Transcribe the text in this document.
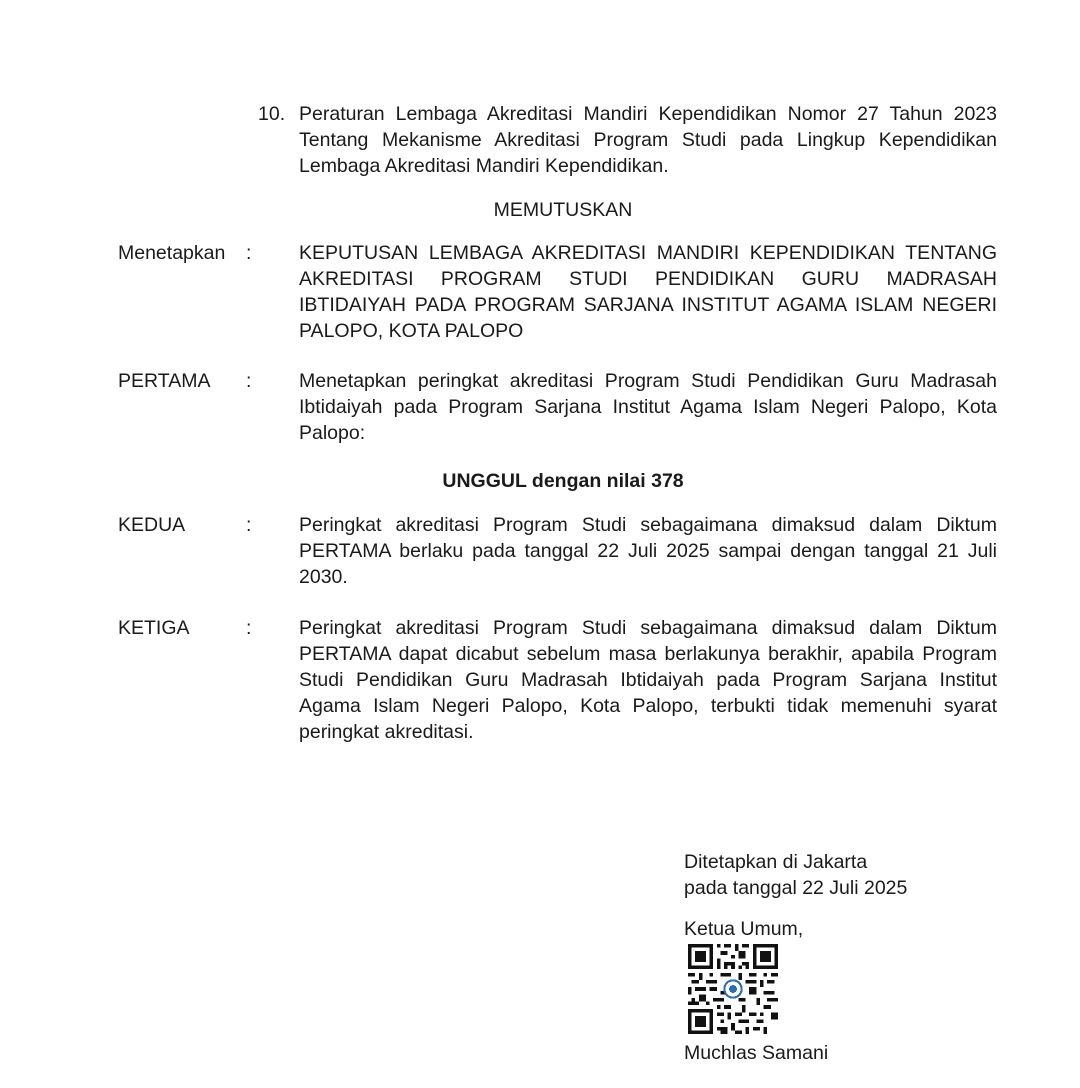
10. Peraturan Lembaga Akreditasi Mandiri Kependidikan Nomor 27 Tahun 2023 Tentang Mekanisme Akreditasi Program Studi pada Lingkup Kependidikan Lembaga Akreditasi Mandiri Kependidikan.
MEMUTUSKAN
Menetapkan : KEPUTUSAN LEMBAGA AKREDITASI MANDIRI KEPENDIDIKAN TENTANG AKREDITASI PROGRAM STUDI PENDIDIKAN GURU MADRASAH IBTIDAIYAH PADA PROGRAM SARJANA INSTITUT AGAMA ISLAM NEGERI PALOPO, KOTA PALOPO
PERTAMA : Menetapkan peringkat akreditasi Program Studi Pendidikan Guru Madrasah Ibtidaiyah pada Program Sarjana Institut Agama Islam Negeri Palopo, Kota Palopo:
UNGGUL dengan nilai 378
KEDUA	: Peringkat akreditasi Program Studi sebagaimana dimaksud dalam Diktum PERTAMA berlaku pada tanggal 22 Juli 2025 sampai dengan tanggal 21 Juli 2030.
KETIGA	: Peringkat akreditasi Program Studi sebagaimana dimaksud dalam Diktum PERTAMA dapat dicabut sebelum masa berlakunya berakhir, apabila Program Studi Pendidikan Guru Madrasah Ibtidaiyah pada Program Sarjana Institut Agama Islam Negeri Palopo, Kota Palopo, terbukti tidak memenuhi syarat peringkat akreditasi.
Ditetapkan di Jakarta
pada tanggal 22 Juli 2025
Ketua Umum,
Muchlas Samani
